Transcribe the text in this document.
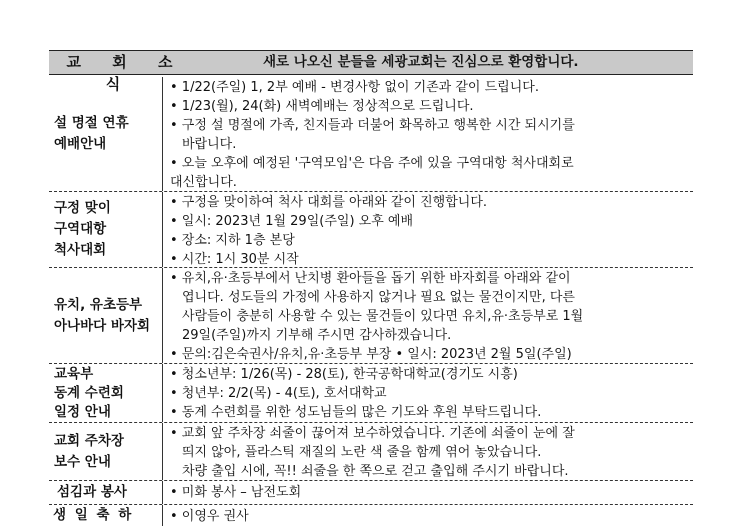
교 회 소 식
새로 나오신 분들을 세광교회는 진심으로 환영합니다.
설 명절 연휴
예배안내

• 1/22(주일) 1, 2부 예배 - 변경사항 없이 기존과 같이 드립니다.

• 1/23(월), 24(화) 새벽예배는 정상적으로 드립니다.

• 구정 설 명절에 가족, 친지들과 더불어 화목하고 행복한 시간 되시기를

바랍니다.

• 오늘 오후에 예정된 '구역모임'은 다음 주에 있을 구역대항 척사대회로

대신합니다.

구정 맞이
구역대항
척사대회

• 구정을 맞이하여 척사 대회를 아래와 같이 진행합니다.

• 일시: 2023년 1월 29일(주일) 오후 예배

• 장소: 지하 1층 본당

• 시간: 1시 30분 시작

유치, 유초등부
아나바다 바자회

• 유치,유·초등부에서 난치병 환아들을 돕기 위한 바자회를 아래와 같이

엽니다. 성도들의 가정에 사용하지 않거나 필요 없는 물건이지만, 다른

사람들이 충분히 사용할 수 있는 물건들이 있다면 유치,유·초등부로 1월

29일(주일)까지 기부해 주시면 감사하겠습니다.

• 문의:김은숙권사/유치,유·초등부 부장 • 일시: 2023년 2월 5일(주일)

교육부
동계 수련회
일정 안내

• 청소년부: 1/26(목) - 28(토), 한국공학대학교(경기도 시흥)

• 청년부: 2/2(목) - 4(토), 호서대학교

• 동계 수련회를 위한 성도님들의 많은 기도와 후원 부탁드립니다.

교회 주차장
보수 안내

• 교회 앞 주차장 쇠줄이 끊어져 보수하였습니다. 기존에 쇠줄이 눈에 잘

띄지 않아, 플라스틱 재질의 노란 색 줄을 함께 엮어 놓았습니다.

차량 출입 시에, 꼭!! 쇠줄을 한 쪽으로 걷고 출입해 주시기 바랍니다.

섬김과 봉사	• 미화 봉사 – 남전도회

생 일 축 하	• 이영우 권사
